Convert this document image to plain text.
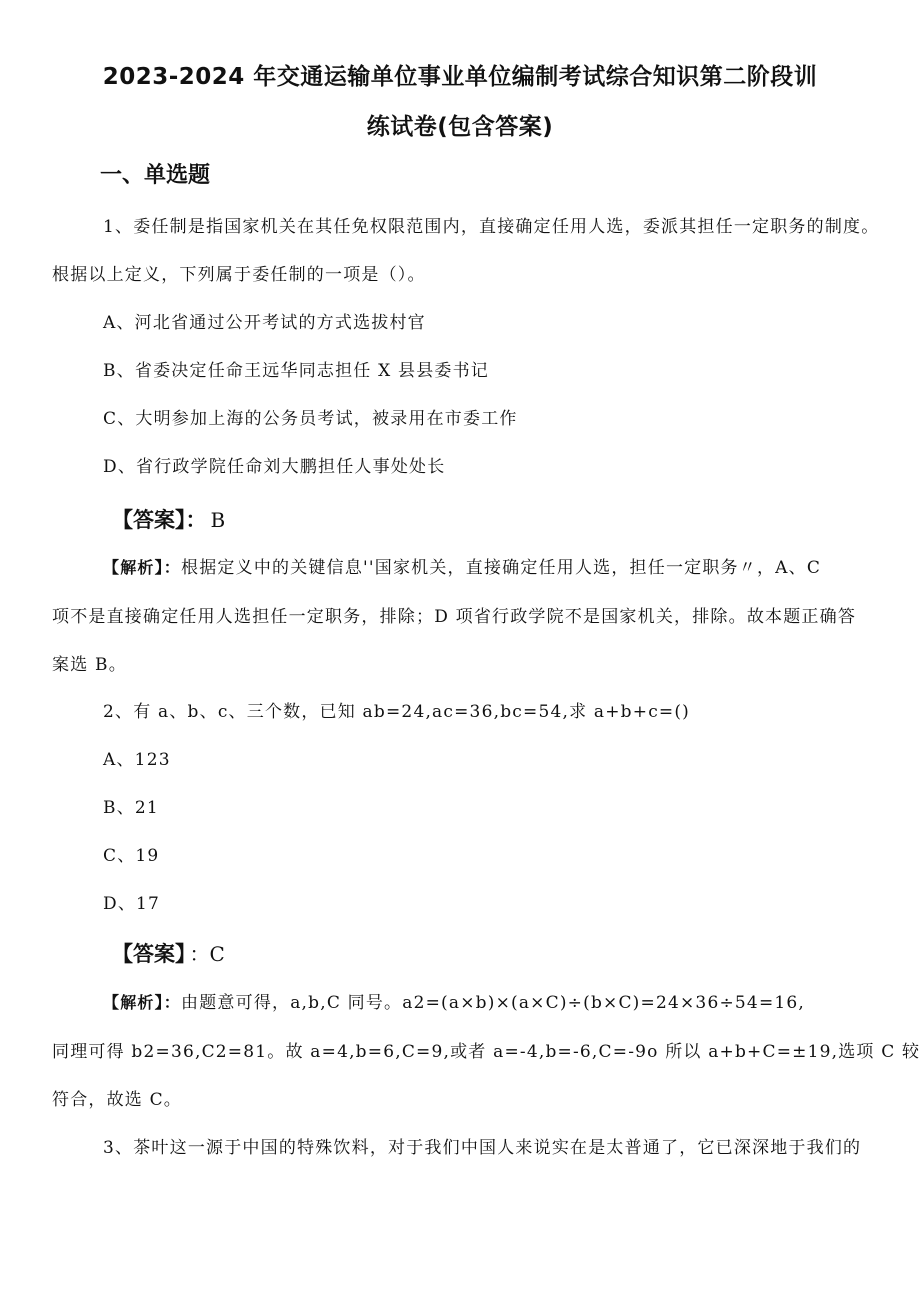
2023-2024 年交通运输单位事业单位编制考试综合知识第二阶段训
练试卷(包含答案)
一、单选题
1、委任制是指国家机关在其任免权限范围内，直接确定任用人选，委派其担任一定职务的制度。
根据以上定义，下列属于委任制的一项是（）。
A、河北省通过公开考试的方式选拔村官
B、省委决定任命王远华同志担任 X 县县委书记
C、大明参加上海的公务员考试，被录用在市委工作
D、省行政学院任命刘大鹏担任人事处处长
【答案】： B
【解析】：根据定义中的关键信息''国家机关，直接确定任用人选，担任一定职务〃，A、C
项不是直接确定任用人选担任一定职务，排除；D 项省行政学院不是国家机关，排除。故本题正确答
案选 B。
2、有 a、b、c、三个数，已知 ab=24,ac=36,bc=54,求 a+b+c=()
A、123
B、21
C、19
D、17
【答案】 ：C
【解析】：由题意可得，a,b,C 同号。a2=(a×b)×(a×C)÷(b×C)=24×36÷54=16,
同理可得 b2=36,C2=81。故 a=4,b=6,C=9,或者 a=-4,b=-6,C=-9o 所以 a+b+C=±19,选项 C 较
符合，故选 C。
3、茶叶这一源于中国的特殊饮料，对于我们中国人来说实在是太普通了，它已深深地于我们的
